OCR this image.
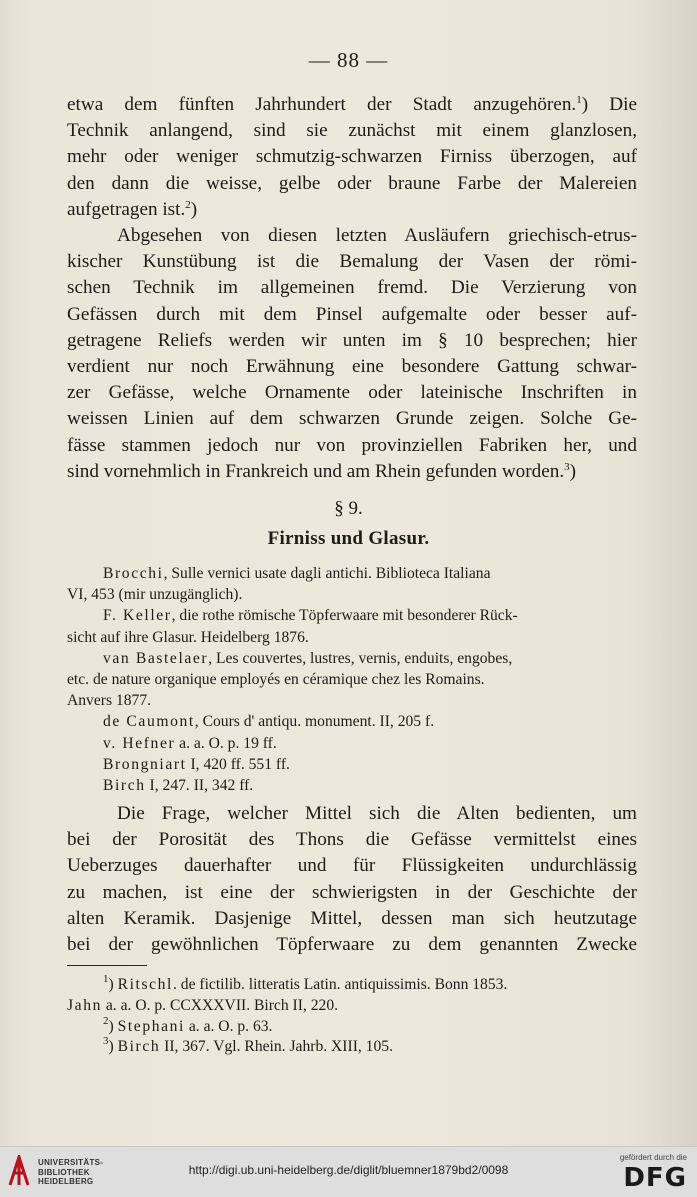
— 88 —

etwa dem fünften Jahrhundert der Stadt anzugehören.$^1$) Die
Technik anlangend, sind sie zunächst mit einem glanzlosen,
mehr oder weniger schmutzig-schwarzen Firniss überzogen, auf
den dann die weisse, gelbe oder braune Farbe der Malereien
aufgetragen ist.$^2$)

Abgesehen von diesen letzten Ausläufern griechisch-etrus-
kischer Kunstübung ist die Bemalung der Vasen der römi-
schen Technik im allgemeinen fremd. Die Verzierung von
Gefässen durch mit dem Pinsel aufgemalte oder besser auf-
getragene Reliefs werden wir unten im § 10 besprechen; hier
verdient nur noch Erwähnung eine besondere Gattung schwar-
zer Gefässe, welche Ornamente oder lateinische Inschriften in
weissen Linien auf dem schwarzen Grunde zeigen. Solche Ge-
fässe stammen jedoch nur von provinziellen Fabriken her, und
sind vornehmlich in Frankreich und am Rhein gefunden worden.$^3$)

§ 9.
Firniss und Glasur.
Brocchi, Sulle vernici usate dagli antichi. Biblioteca Italiana
VI, 453 (mir unzugänglich).
F. Keller, die rothe römische Töpferwaare mit besonderer Rück-
sicht auf ihre Glasur. Heidelberg 1876.
van Bastelaer, Les couvertes, lustres, vernis, enduits, engobes,
etc. de nature organique employés en céramique chez les Romains.
Anvers 1877.
de Caumont, Cours d' antiqu. monument. II, 205 f.
v. Hefner a. a. O. p. 19 ff.
Brongniart I, 420 ff. 551 ff.
Birch I, 247. II, 342 ff.
Die Frage, welcher Mittel sich die Alten bedienten, um
bei der Porosität des Thons die Gefässe vermittelst eines
Ueberzuges dauerhafter und für Flüssigkeiten undurchlässig
zu machen, ist eine der schwierigsten in der Geschichte der
alten Keramik. Dasjenige Mittel, dessen man sich heutzutage
bei der gewöhnlichen Töpferwaare zu dem genannten Zwecke
$^1$) Ritschl. de fictilib. litteratis Latin. antiquissimis. Bonn 1853.
Jahn a. a. O. p. CCXXXVII. Birch II, 220.
$^2$) Stephani a. a. O. p. 63.
$^3$) Birch II, 367. Vgl. Rhein. Jahrb. XIII, 105.
UNIVERSITÄTS-
BIBLIOTHEK
HEIDELBERG
http://digi.ub.uni-heidelberg.de/diglit/bluemner1879bd2/0098
gefördert durch die
DFG
